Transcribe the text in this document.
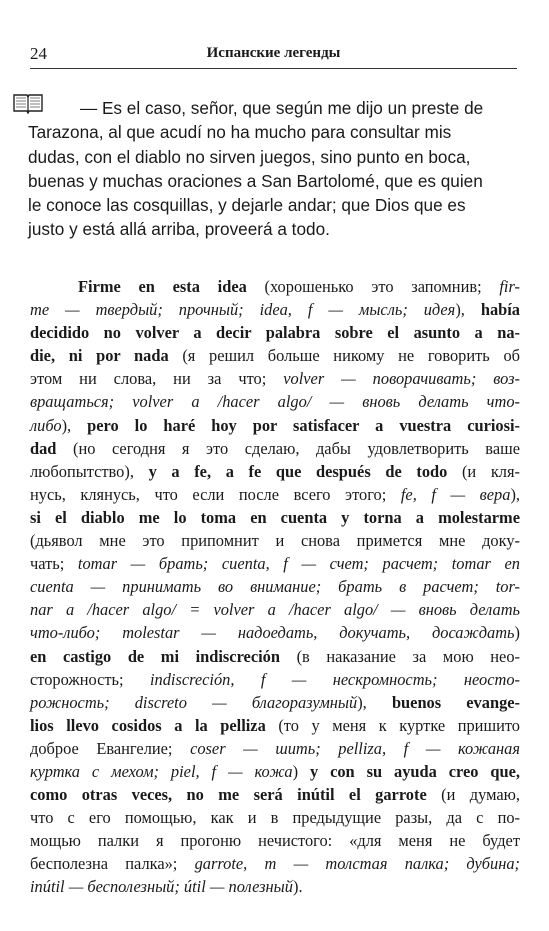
24	Испанские легенды
— Es el caso, señor, que según me dijo un preste de
Tarazona, al que acudí no ha mucho para consultar mis
dudas, con el diablo no sirven juegos, sino punto en boca,
buenas y muchas oraciones a San Bartolomé, que es quien
le conoce las cosquillas, y dejarle andar; que Dios que es
justo y está allá arriba, proveerá a todo.
Firme en esta idea (хорошенько это запомнив; fir-
me — твердый; прочный; idea, f — мысль; идея), había
decidido no volver a decir palabra sobre el asunto a na-
die, ni por nada (я решил больше никому не говорить об
этом ни слова, ни за что; volver — поворачивать; воз-
вращаться; volver a /hacer algo/ — вновь делать что-
либо), pero lo haré hoy por satisfacer a vuestra curiosi-
dad (но сегодня я это сделаю, дабы удовлетворить ваше
любопытство), y a fe, a fe que después de todo (и кля-
нусь, клянусь, что если после всего этого; fe, f — вера),
si el diablo me lo toma en cuenta y torna a molestarme
(дьявол мне это припомнит и снова примется мне доку-
чать; tomar — брать; cuenta, f — счет; расчет; tomar en
cuenta — принимать во внимание; брать в расчет; tor-
nar a /hacer algo/ = volver a /hacer algo/ — вновь делать
что-либо; molestar — надоедать, докучать, досаждать)
en castigo de mi indiscreción (в наказание за мою нео-
сторожность; indiscreción, f — нескромность; неосто-
рожность; discreto — благоразумный), buenos evange-
lios llevo cosidos a la pelliza (то у меня к куртке пришито
доброе Евангелие; coser — шить; pelliza, f — кожаная
куртка с мехом; piel, f — кожа) y con su ayuda creo que,
como otras veces, no me será inútil el garrote (и думаю,
что с его помощью, как и в предыдущие разы, да с по-
мощью палки я прогоню нечистого: «для меня не будет
бесполезна палка»; garrote, m — толстая палка; дубина;
inútil — бесполезный; útil — полезный).
